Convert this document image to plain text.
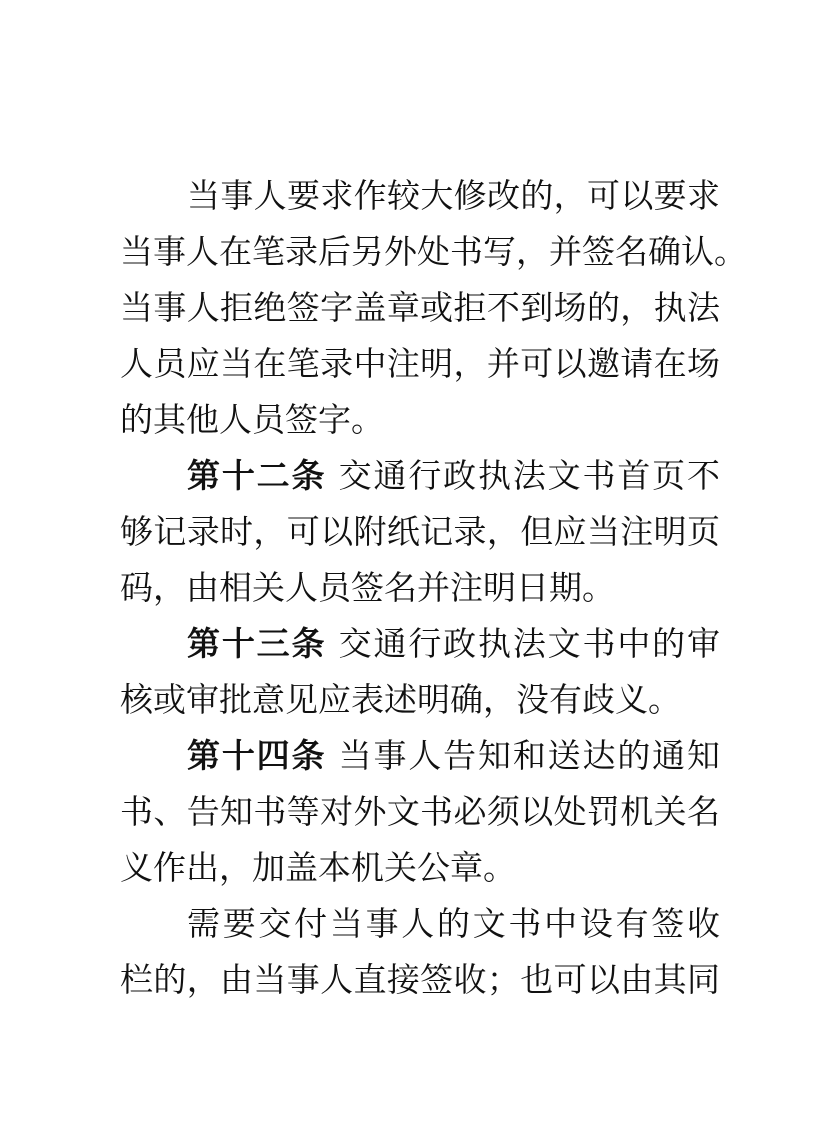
当事人要求作较大修改的，可以要求
当事人在笔录后另外处书写，并签名确认。
当事人拒绝签字盖章或拒不到场的，执法
人员应当在笔录中注明，并可以邀请在场
的其他人员签字。
第十二条 交通行政执法文书首页不
够记录时，可以附纸记录，但应当注明页
码，由相关人员签名并注明日期。
第十三条 交通行政执法文书中的审
核或审批意见应表述明确，没有歧义。
第十四条 当事人告知和送达的通知
书、告知书等对外文书必须以处罚机关名
义作出，加盖本机关公章。
需要交付当事人的文书中设有签收
栏的，由当事人直接签收；也可以由其同
